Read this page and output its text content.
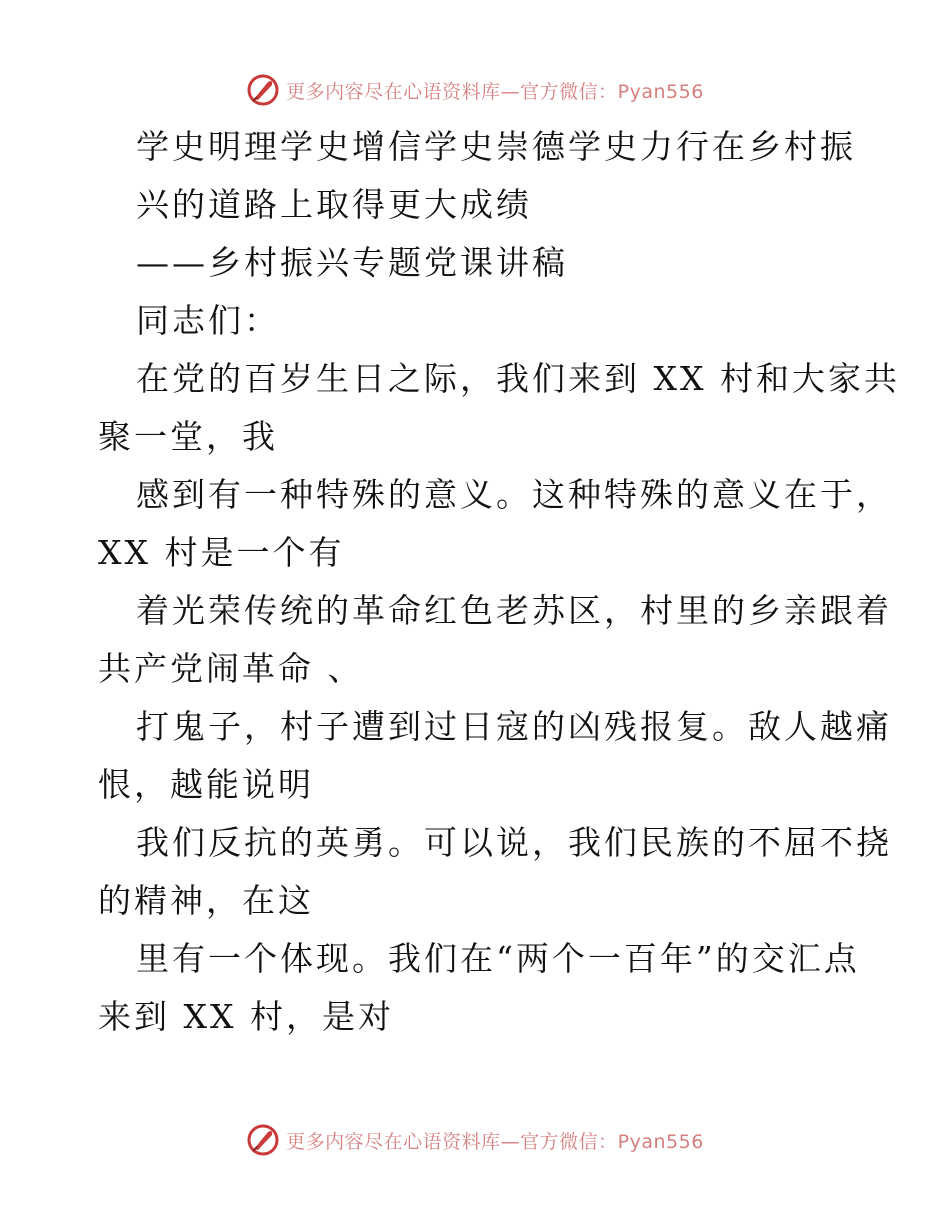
更多内容尽在心语资料库—官方微信：Pyan556
学史明理学史增信学史崇德学史力行在乡村振
兴的道路上取得更大成绩
——乡村振兴专题党课讲稿
同志们：
在党的百岁生日之际，我们来到 XX 村和大家共
聚一堂，我
感到有一种特殊的意义。这种特殊的意义在于，
XX 村是一个有
着光荣传统的革命红色老苏区，村里的乡亲跟着
共产党闹革命 、
打鬼子，村子遭到过日寇的凶残报复。敌人越痛
恨，越能说明
我们反抗的英勇。可以说，我们民族的不屈不挠
的精神，在这
里有一个体现。我们在“两个一百年”的交汇点
来到 XX 村，是对
更多内容尽在心语资料库—官方微信：Pyan556
